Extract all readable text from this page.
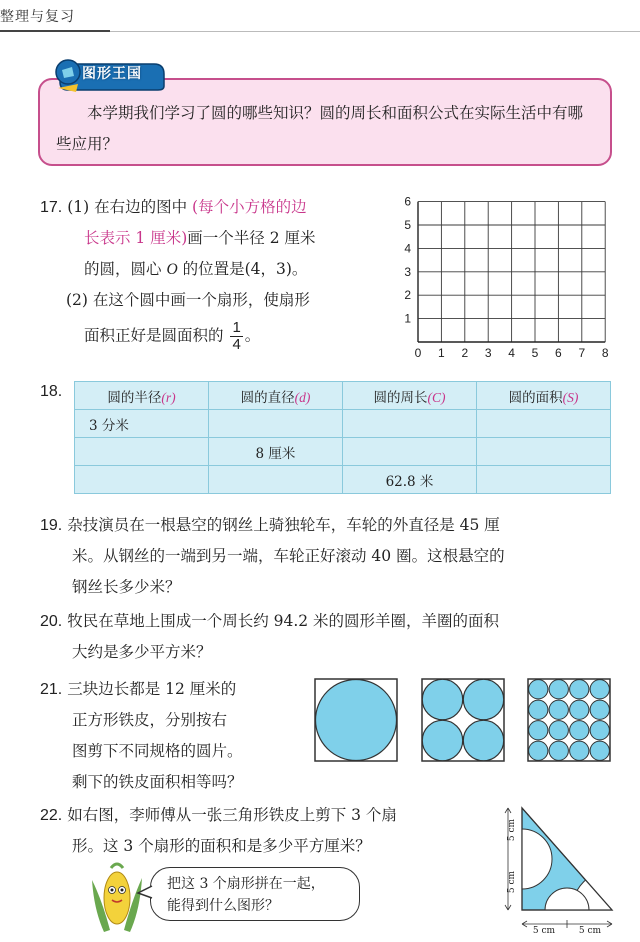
整理与复习

本学期我们学习了圆的哪些知识？圆的周长和面积公式在实际生活中有哪些应用？

图形王国
17. (1) 在右边的图中 (每个小方格的边
长表示 1 厘米)画一个半径 2 厘米
的圆，圆心 O 的位置是(4，3)。
(2) 在这个圆中画一个扇形，使扇形
面积正好是圆面积的 $\frac{1}{4}$ 。
0 1 2 3 4 5 6 7 8
1
2
3
4
5
6
18.	圆的半径(r)	圆的直径(d)	圆的周长(C)	圆的面积(S)
3 分米			
	8 厘米		
		62.8 米	
19. 杂技演员在一根悬空的钢丝上骑独轮车，车轮的外直径是 45 厘
米。从钢丝的一端到另一端，车轮正好滚动 40 圈。这根悬空的
钢丝长多少米？
20. 牧民在草地上围成一个周长约 94.2 米的圆形羊圈，羊圈的面积
大约是多少平方米？
21. 三块边长都是 12 厘米的
正方形铁皮，分别按右
图剪下不同规格的圆片。
剩下的铁皮面积相等吗？
22. 如右图，李师傅从一张三角形铁皮上剪下 3 个扇
形。这 3 个扇形的面积和是多少平方厘米？
把这 3 个扇形拼在一起，
能得到什么图形？
5 cm
5 cm
5 cm	5 cm
